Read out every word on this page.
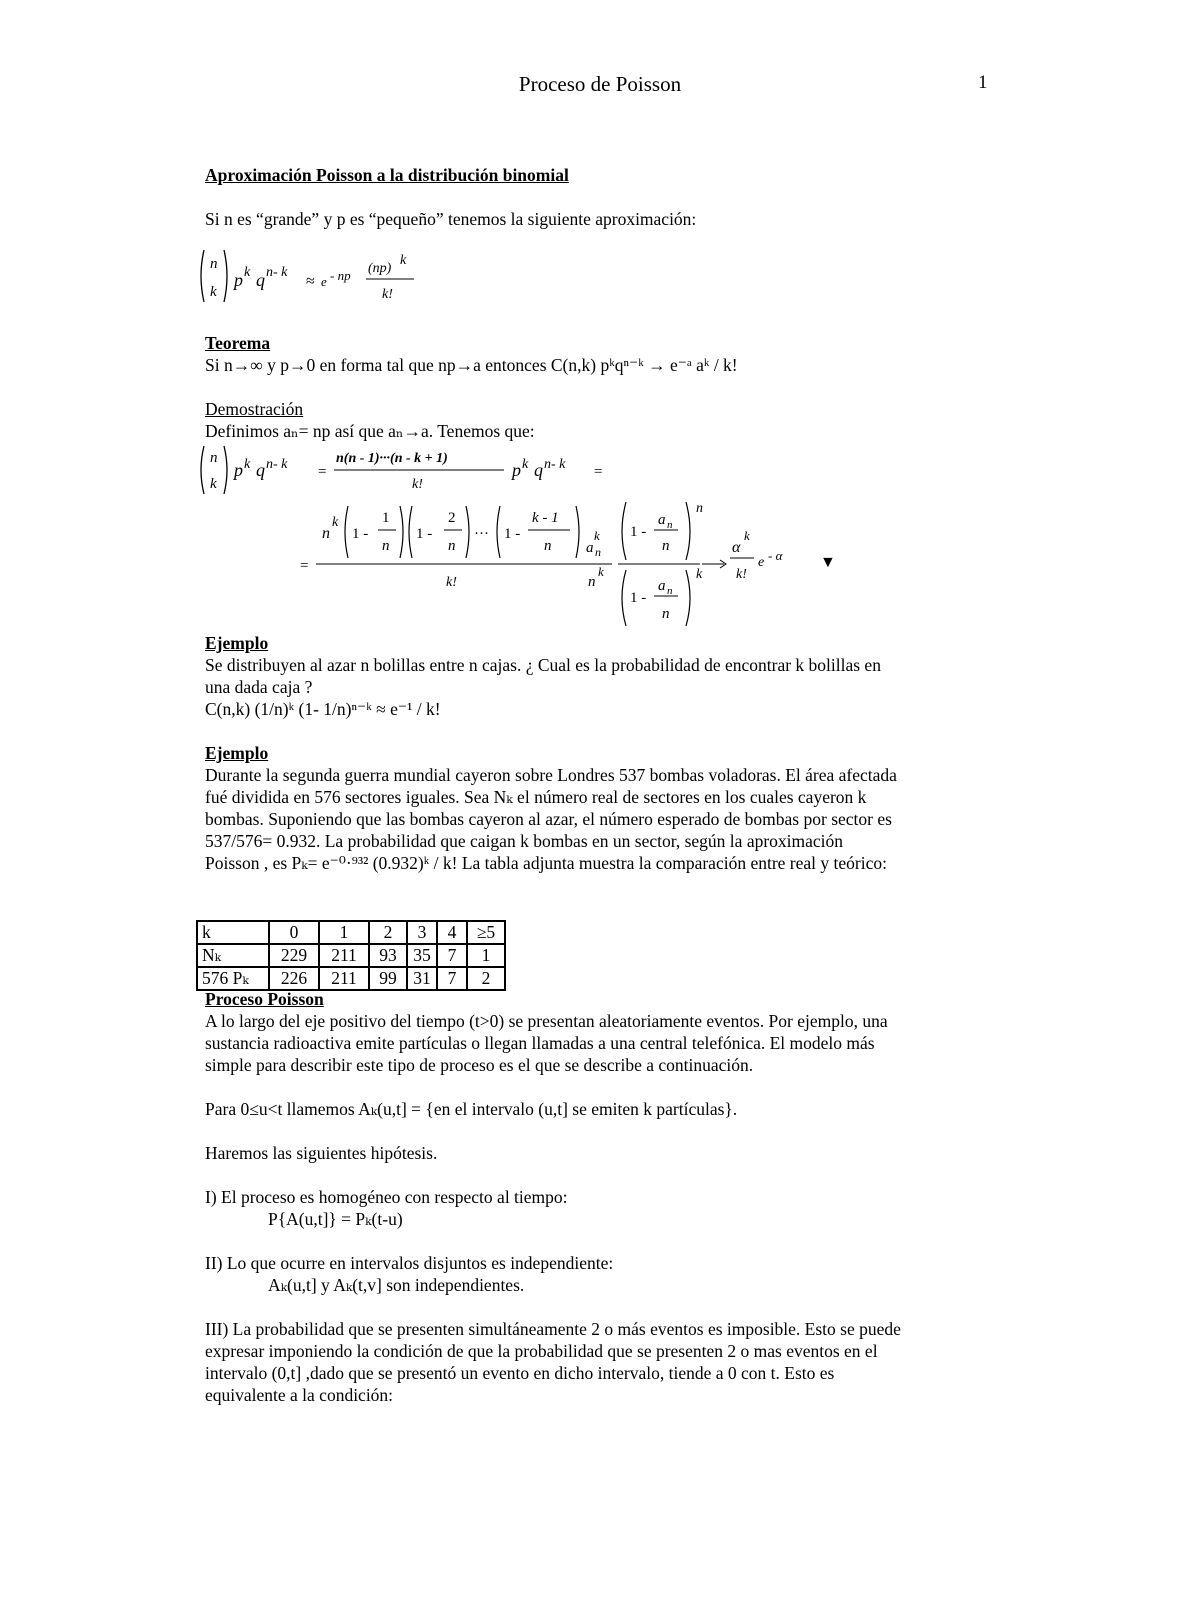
Proceso de Poisson	1
Aproximación Poisson a la distribución binomial
Si n es “grande” y p es “pequeño” tenemos la siguiente aproximación:
n
k
p k q n- k
≈ e - np (np)
k
k!
Teorema
Si n→∞ y p→0 en forma tal que np→a entonces C(n,k) pᵏqⁿ⁻ᵏ → e⁻ᵃ aᵏ / k!
Demostración
Definimos aₙ= np así que aₙ→a. Tenemos que:
n
k
p k q n- k =
n(n - 1)···(n - k + 1)
k!
p k q n- k =
=
n
k
1 -
1
n
1 -
2
n
··· 1 -
k - 1
n
k!
a n
k
n
k
1 -
a n
n
n
1 -
a n
n
k
α
k
k!
e - α ▼
Ejemplo
Se distribuyen al azar n bolillas entre n cajas. ¿ Cual es la probabilidad de encontrar k bolillas en
una dada caja ?
C(n,k) (1/n)ᵏ (1- 1/n)ⁿ⁻ᵏ ≈ e⁻¹ / k!
Ejemplo
Durante la segunda guerra mundial cayeron sobre Londres 537 bombas voladoras. El área afectada
fué dividida en 576 sectores iguales. Sea Nₖ el número real de sectores en los cuales cayeron k
bombas. Suponiendo que las bombas cayeron al azar, el número esperado de bombas por sector es
537/576= 0.932. La probabilidad que caigan k bombas en un sector, según la aproximación
Poisson , es Pₖ= e⁻⁰·⁹³² (0.932)ᵏ / k! La tabla adjunta muestra la comparación entre real y teórico:
k	0	1	2	3	4	≥5
Nₖ	229	211	93	35	7	1
576 Pₖ	226	211	99	31	7	2
Proceso Poisson
A lo largo del eje positivo del tiempo (t>0) se presentan aleatoriamente eventos. Por ejemplo, una
sustancia radioactiva emite partículas o llegan llamadas a una central telefónica. El modelo más
simple para describir este tipo de proceso es el que se describe a continuación.
Para 0≤u<t llamemos Aₖ(u,t] = {en el intervalo (u,t] se emiten k partículas}.
Haremos las siguientes hipótesis.
I) El proceso es homogéneo con respecto al tiempo:
P{A(u,t]} = Pₖ(t-u)
II) Lo que ocurre en intervalos disjuntos es independiente:
Aₖ(u,t] y Aₖ(t,v] son independientes.
III) La probabilidad que se presenten simultáneamente 2 o más eventos es imposible. Esto se puede
expresar imponiendo la condición de que la probabilidad que se presenten 2 o mas eventos en el
intervalo (0,t] ,dado que se presentó un evento en dicho intervalo, tiende a 0 con t. Esto es
equivalente a la condición:
